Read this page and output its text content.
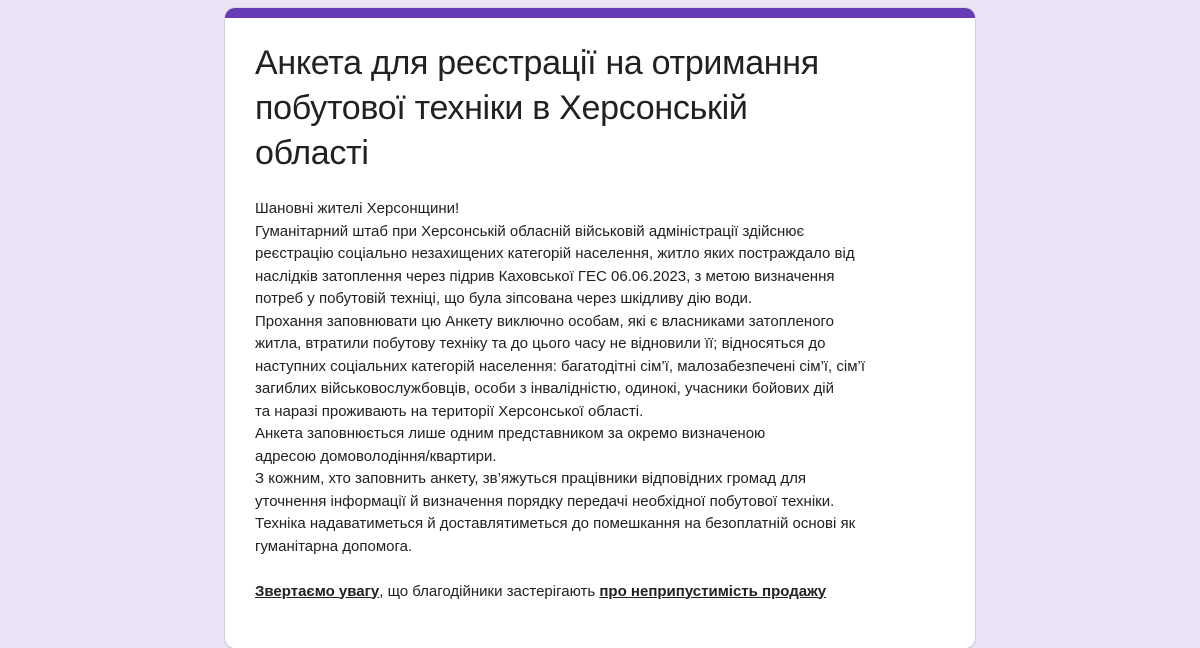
Анкета для реєстрації на отримання
побутової техніки в Херсонській
області
Шановні жителі Херсонщини!
Гуманітарний штаб при Херсонській обласній військовій адміністрації здійснює
реєстрацію соціально незахищених категорій населення, житло яких постраждало від
наслідків затоплення через підрив Каховської ГЕС 06.06.2023, з метою визначення
потреб у побутовій техніці, що була зіпсована через шкідливу дію води.
Прохання заповнювати цю Анкету виключно особам, які є власниками затопленого
житла, втратили побутову техніку та до цього часу не відновили її; відносяться до
наступних соціальних категорій населення: багатодітні сім’ї, малозабезпечені сім’ї, сім’ї
загиблих військовослужбовців, особи з інвалідністю, одинокі, учасники бойових дій
та наразі проживають на території Херсонської області.
Анкета заповнюється лише одним представником за окремо визначеною
адресою домоволодіння/квартири.
З кожним, хто заповнить анкету, зв’яжуться працівники відповідних громад для
уточнення інформації й визначення порядку передачі необхідної побутової техніки.
Техніка надаватиметься й доставлятиметься до помешкання на безоплатній основі як
гуманітарна допомога.
Звертаємо увагу, що благодійники застерігають про неприпустимість продажу
